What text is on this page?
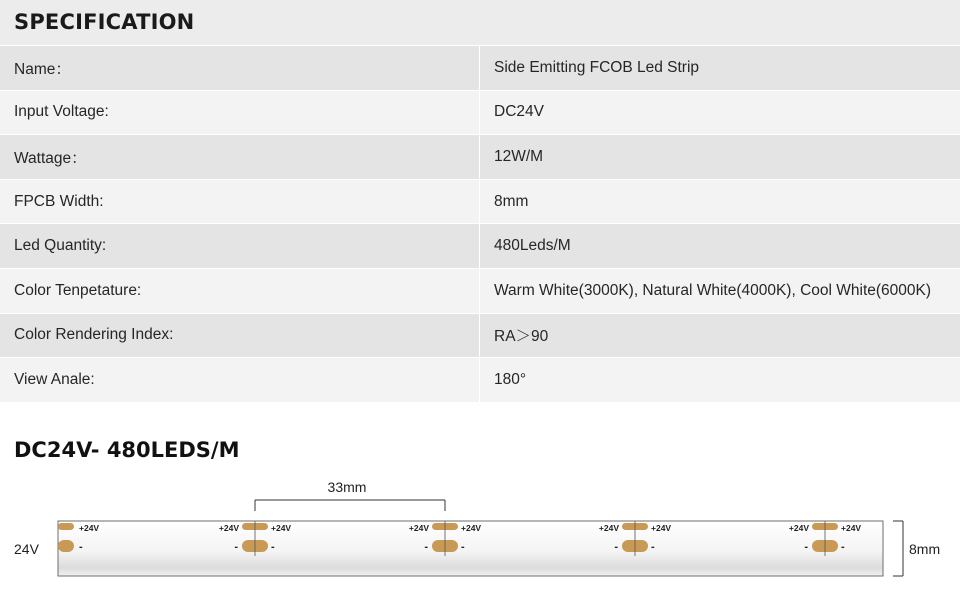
SPECIFICATION
Name：	Side Emitting FCOB Led Strip
Input Voltage:	DC24V
Wattage：	12W/M
FPCB Width:	8mm
Led Quantity:	480Leds/M
Color Tenpetature:	Warm White(3000K), Natural White(4000K), Cool White(6000K)
Color Rendering Index:	RA＞90
View Anale:	180°
DC24V- 480LEDS/M
33mm
24V	8mm
+24V
-
+24V
-
+24V
-
+24V
-
+24V
-
+24V
-
+24V
-
+24V
-
+24V
-
